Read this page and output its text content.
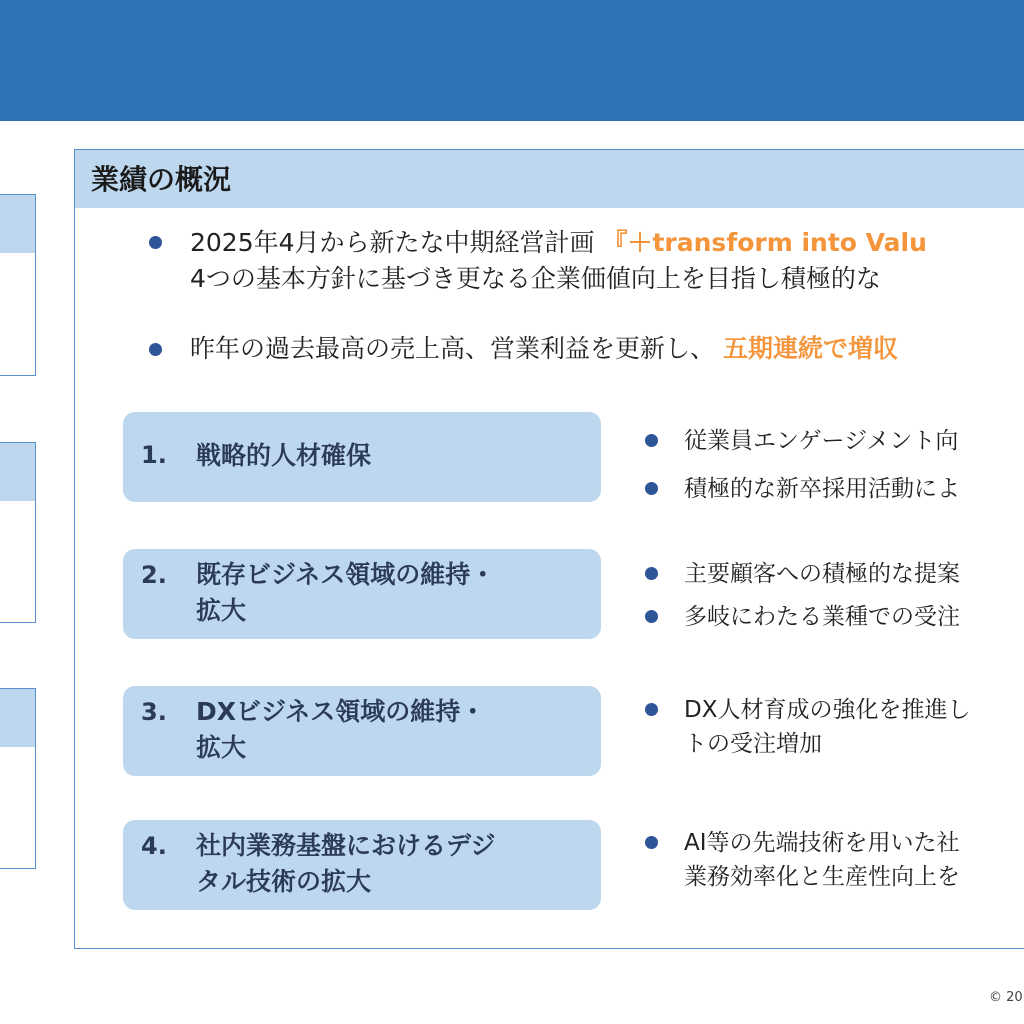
業績の概況
2025年4月から新たな中期経営計画 『＋transform into Valu
4つの基本方針に基づき更なる企業価値向上を目指し積極的な
昨年の過去最高の売上高、営業利益を更新し、 五期連続で増収
1. 戦略的人材確保	従業員エンゲージメント向
積極的な新卒採用活動によ
2. 既存ビジネス領域の維持・
拡大
主要顧客への積極的な提案
多岐にわたる業種での受注
3. DXビジネス領域の維持・
拡大
DX人材育成の強化を推進し
トの受注増加
4. 社内業務基盤におけるデジ
タル技術の拡大
AI等の先端技術を用いた社
業務効率化と生産性向上を
© 20
